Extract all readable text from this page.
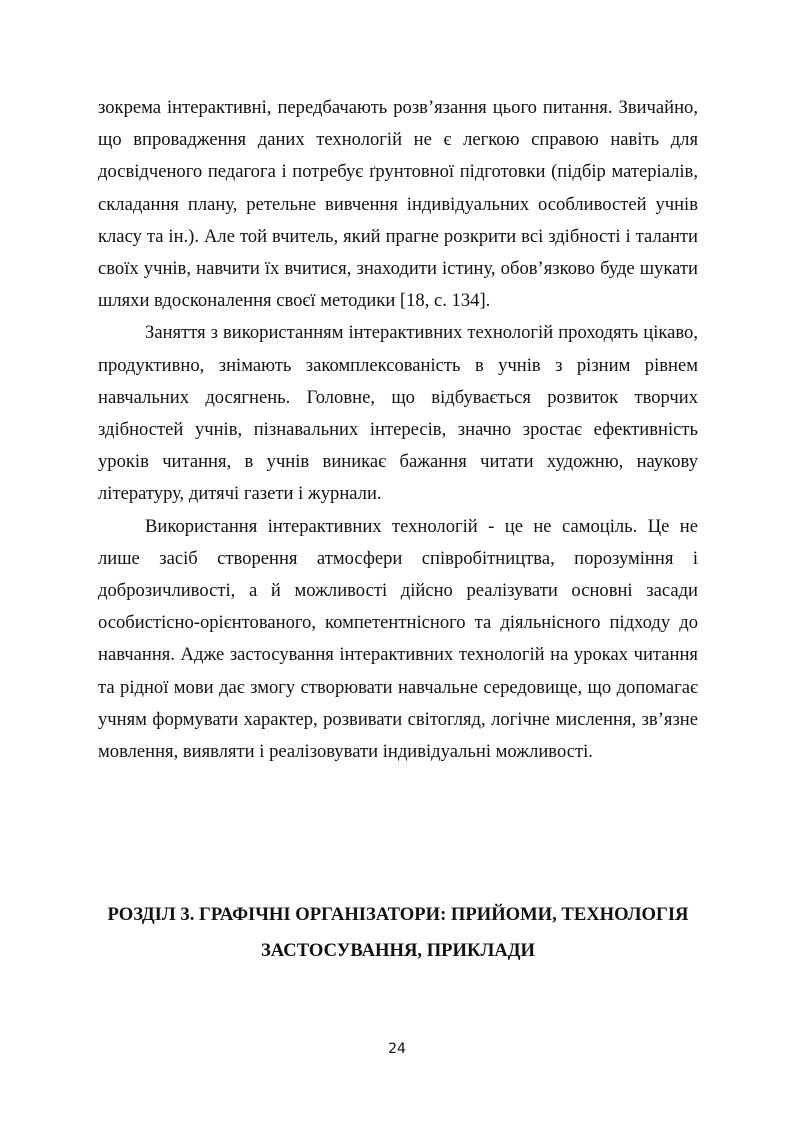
зокрема інтерактивні, передбачають розв’язання цього питання. Звичайно, що впровадження даних технологій не є легкою справою навіть для досвідченого педагога і потребує ґрунтовної підготовки (підбір матеріалів, складання плану, ретельне вивчення індивідуальних особливостей учнів класу та ін.). Але той вчитель, який прагне розкрити всі здібності і таланти своїх учнів, навчити їх вчитися, знаходити істину, обов’язково буде шукати шляхи вдосконалення своєї методики [18, с. 134].

Заняття з використанням інтерактивних технологій проходять цікаво, продуктивно, знімають закомплексованість в учнів з різним рівнем навчальних досягнень. Головне, що відбувається розвиток творчих здібностей учнів, пізнавальних інтересів, значно зростає ефективність уроків читання, в учнів виникає бажання читати художню, наукову літературу, дитячі газети і журнали.

Використання інтерактивних технологій - це не самоціль. Це не лише засіб створення атмосфери співробітництва, порозуміння і доброзичливості, а й можливості дійсно реалізувати основні засади особистісно-орієнтованого, компетентнісного та діяльнісного підходу до навчання. Адже застосування інтерактивних технологій на уроках читання та рідної мови дає змогу створювати навчальне середовище, що допомагає учням формувати характер, розвивати світогляд, логічне мислення, зв’язне мовлення, виявляти і реалізовувати індивідуальні можливості.

РОЗДІЛ 3. ГРАФІЧНІ ОРГАНІЗАТОРИ: ПРИЙОМИ, ТЕХНОЛОГІЯ ЗАСТОСУВАННЯ, ПРИКЛАДИ
24
